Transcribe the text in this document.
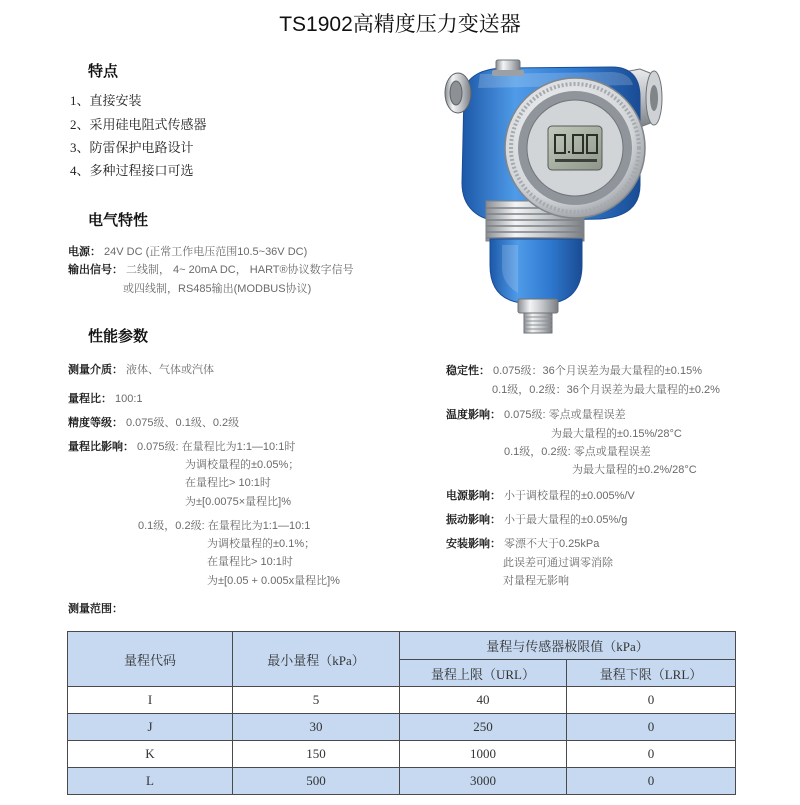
TS1902高精度压力变送器
特点
1、直接安装
2、采用硅电阻式传感器
3、防雷保护电路设计
4、多种过程接口可选
电气特性
电源： 24V DC (正常工作电压范围10.5~36V DC)
输出信号： 二线制， 4~ 20mA DC， HART®协议数字信号
或四线制，RS485输出(MODBUS协议)
性能参数
测量介质： 液体、气体或汽体
量程比： 100:1
精度等级： 0.075级、0.1级、0.2级
量程比影响： 0.075级: 在量程比为1:1—10:1时
为调校量程的±0.05%；
在量程比> 10:1时
为±[0.0075×量程比]%
0.1级，0.2级: 在量程比为1:1—10:1
为调校量程的±0.1%；
在量程比> 10:1时
为±[0.05 + 0.005x量程比]%
稳定性： 0.075级：36个月误差为最大量程的±0.15%
0.1级，0.2级：36个月误差为最大量程的±0.2%
温度影响： 0.075级: 零点或量程误差
为最大量程的±0.15%/28°C
0.1级，0.2级: 零点或量程误差
为最大量程的±0.2%/28°C
电源影响： 小于调校量程的±0.005%/V
振动影响： 小于最大量程的±0.05%/g
安装影响： 零漂不大于0.25kPa
此误差可通过调零消除
对量程无影响
测量范围：
量程代码	最小量程（kPa）	量程与传感器极限值（kPa）	
		量程上限（URL）	量程下限（LRL）
I	5	40	0
J	30	250	0
K	150	1000	0
L	500	3000	0
